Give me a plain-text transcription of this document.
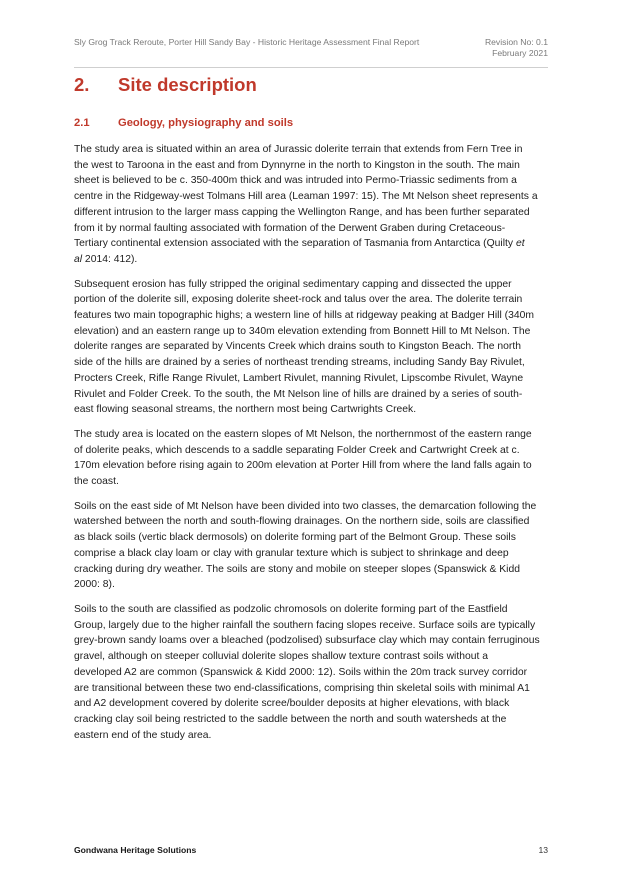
Sly Grog Track Reroute, Porter Hill Sandy Bay - Historic Heritage Assessment Final Report	Revision No: 0.1
February 2021
2. Site description
2.1	Geology, physiography and soils

The study area is situated within an area of Jurassic dolerite terrain that extends from Fern Tree in
the west to Taroona in the east and from Dynnyrne in the north to Kingston in the south. The main
sheet is believed to be c. 350-400m thick and was intruded into Permo-Triassic sediments from a
centre in the Ridgeway-west Tolmans Hill area (Leaman 1997: 15). The Mt Nelson sheet represents a
different intrusion to the larger mass capping the Wellington Range, and has been further separated
from it by normal faulting associated with formation of the Derwent Graben during Cretaceous-
Tertiary continental extension associated with the separation of Tasmania from Antarctica (Quilty et
al 2014: 412).

Subsequent erosion has fully stripped the original sedimentary capping and dissected the upper
portion of the dolerite sill, exposing dolerite sheet-rock and talus over the area. The dolerite terrain
features two main topographic highs; a western line of hills at ridgeway peaking at Badger Hill (340m
elevation) and an eastern range up to 340m elevation extending from Bonnett Hill to Mt Nelson. The
dolerite ranges are separated by Vincents Creek which drains south to Kingston Beach. The north
side of the hills are drained by a series of northeast trending streams, including Sandy Bay Rivulet,
Procters Creek, Rifle Range Rivulet, Lambert Rivulet, manning Rivulet, Lipscombe Rivulet, Wayne
Rivulet and Folder Creek. To the south, the Mt Nelson line of hills are drained by a series of south-
east flowing seasonal streams, the northern most being Cartwrights Creek.

The study area is located on the eastern slopes of Mt Nelson, the northernmost of the eastern range
of dolerite peaks, which descends to a saddle separating Folder Creek and Cartwright Creek at c.
170m elevation before rising again to 200m elevation at Porter Hill from where the land falls again to
the coast.

Soils on the east side of Mt Nelson have been divided into two classes, the demarcation following the
watershed between the north and south-flowing drainages. On the northern side, soils are classified
as black soils (vertic black dermosols) on dolerite forming part of the Belmont Group. These soils
comprise a black clay loam or clay with granular texture which is subject to shrinkage and deep
cracking during dry weather. The soils are stony and mobile on steeper slopes (Spanswick & Kidd
2000: 8).

Soils to the south are classified as podzolic chromosols on dolerite forming part of the Eastfield
Group, largely due to the higher rainfall the southern facing slopes receive. Surface soils are typically
grey-brown sandy loams over a bleached (podzolised) subsurface clay which may contain ferruginous
gravel, although on steeper colluvial dolerite slopes shallow texture contrast soils without a
developed A2 are common (Spanswick & Kidd 2000: 12). Soils within the 20m track survey corridor
are transitional between these two end-classifications, comprising thin skeletal soils with minimal A1
and A2 development covered by dolerite scree/boulder deposits at higher elevations, with black
cracking clay soil being restricted to the saddle between the north and south watersheds at the
eastern end of the study area.

Gondwana Heritage Solutions	13
